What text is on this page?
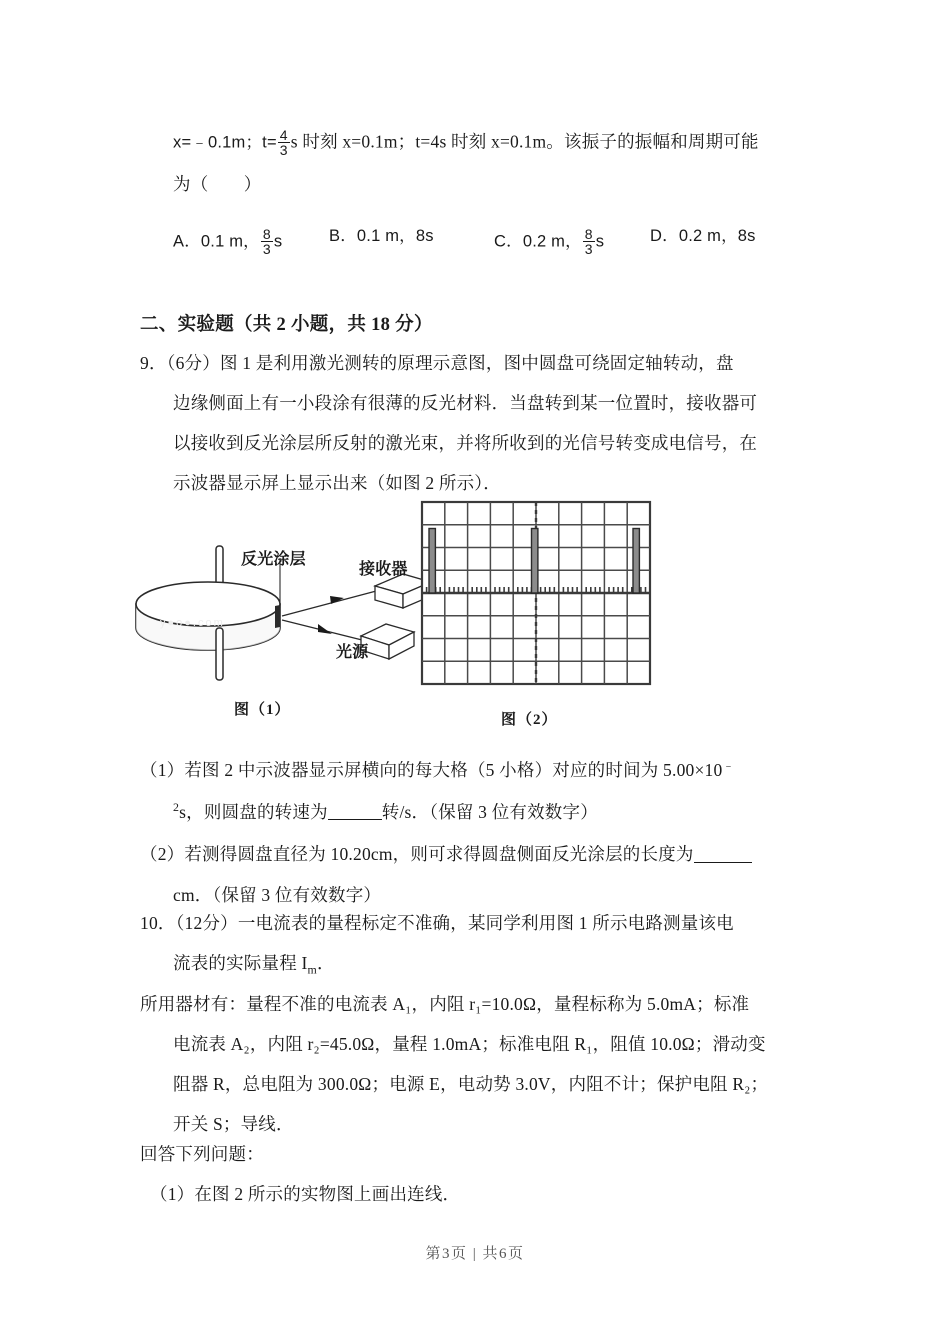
x=﹣0.1m；$t= \frac{4}{3}$ s 时刻 x=0.1m；t=4s 时刻 x=0.1m。该振子的振幅和周期可能
为（　　）
A．0.1 m， $\frac{8}{3}$ s	B．0.1 m，8s	C．0.2 m， $\frac{8}{3}$ s	D．0.2 m，8s
二、实验题（共 2 小题，共 18 分）
9．（6分）图 1 是利用激光测转的原理示意图，图中圆盘可绕固定轴转动，盘
边缘侧面上有一小段涂有很薄的反光材料．当盘转到某一位置时，接收器可
以接收到反光涂层所反射的激光束，并将所收到的光信号转变成电信号，在
示波器显示屏上显示出来（如图 2 所示）．
y●o●.com
反光涂层
接收器
光源
图（1）
图（2）
（1）若图 2 中示波器显示屏横向的每大格（5 小格）对应的时间为 5.00×10﹣
$^2$s，则圆盘的转速为	转/s．（保留 3 位有效数字）
（2）若测得圆盘直径为 10.20cm，则可求得圆盘侧面反光涂层的长度为
cm．（保留 3 位有效数字）
10．（12分）一电流表的量程标定不准确，某同学利用图 1 所示电路测量该电
流表的实际量程 $I_m$．
所用器材有：量程不准的电流表 A₁，内阻 r₁=10.0Ω，量程标称为 5.0mA；标准
电流表 A₂，内阻 r₂=45.0Ω，量程 1.0mA；标准电阻 R₁，阻值 10.0Ω；滑动变
阻器 R，总电阻为 300.0Ω；电源 E，电动势 3.0V，内阻不计；保护电阻 R₂；
开关 S；导线．
回答下列问题：
（1）在图 2 所示的实物图上画出连线．
第3页 | 共6页
